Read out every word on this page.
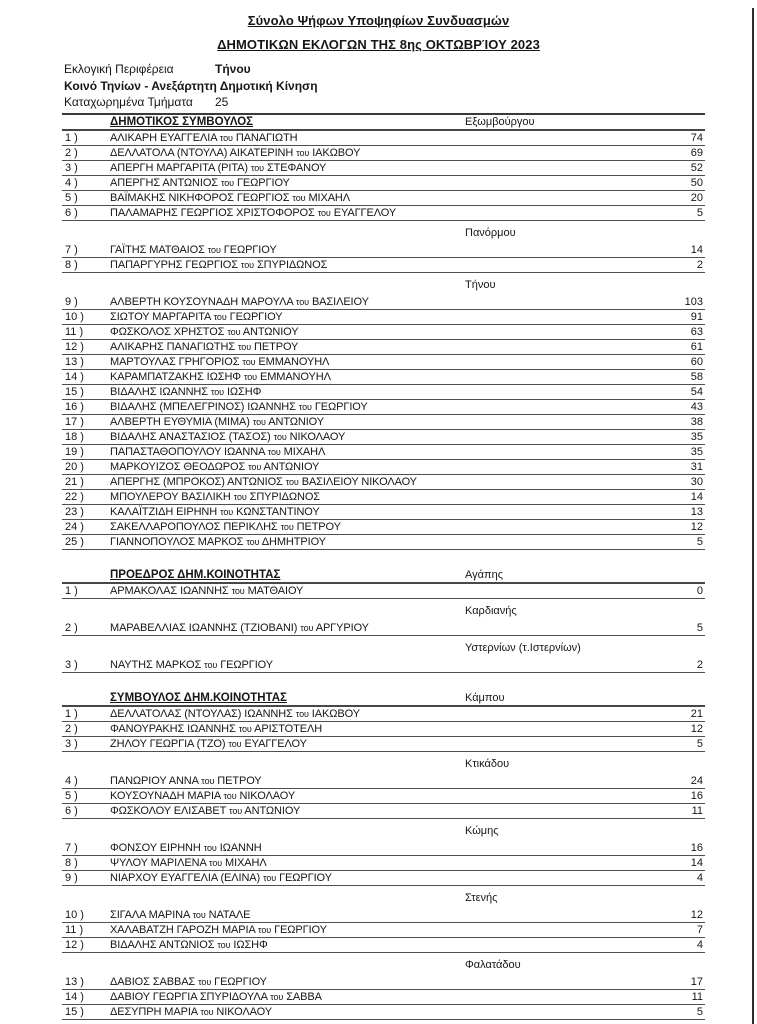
Σύνολο Ψήφων Υποψηφίων Συνδυασμών
ΔΗΜΟΤΙΚΩΝ ΕΚΛΟΓΩΝ ΤΗΣ 8ης ΟΚΤΩΒΡΊΟΥ 2023
Εκλογική Περιφέρεια	Τήνου
Κοινό Τηνίων - Ανεξάρτητη Δημοτική Κίνηση
Καταχωρημένα Τμήματα 25
ΔΗΜΟΤΙΚΟΣ ΣΥΜΒΟΥΛΟΣ	Εξωμβούργου
1 )	ΑΛΙΚΑΡΗ ΕΥΑΓΓΕΛΙΑ του ΠΑΝΑΓΙΩΤΗ	74
2 )	ΔΕΛΛΑΤΟΛΑ (ΝΤΟΥΛΑ) ΑΙΚΑΤΕΡΙΝΗ του ΙΑΚΩΒΟΥ	69
3 )	ΑΠΕΡΓΗ ΜΑΡΓΑΡΙΤΑ (ΡΙΤΑ) του ΣΤΕΦΑΝΟΥ	52
4 )	ΑΠΕΡΓΗΣ ΑΝΤΩΝΙΟΣ του ΓΕΩΡΓΙΟΥ	50
5 )	ΒΑΪΜΑΚΗΣ ΝΙΚΗΦΟΡΟΣ ΓΕΩΡΓΙΟΣ του ΜΙΧΑΗΛ	20
6 )	ΠΑΛΑΜΑΡΗΣ ΓΕΩΡΓΙΟΣ ΧΡΙΣΤΟΦΟΡΟΣ του ΕΥΑΓΓΕΛΟΥ	5
Πανόρμου
7 )	ΓΑΪΤΗΣ ΜΑΤΘΑΙΟΣ του ΓΕΩΡΓΙΟΥ	14
8 )	ΠΑΠΑΡΓΥΡΗΣ ΓΕΩΡΓΙΟΣ του ΣΠΥΡΙΔΩΝΟΣ	2
Τήνου
9 )	ΑΛΒΕΡΤΗ ΚΟΥΣΟΥΝΑΔΗ ΜΑΡΟΥΛΑ του ΒΑΣΙΛΕΙΟΥ	103
10 ) ΣΙΩΤΟΥ ΜΑΡΓΑΡΙΤΑ του ΓΕΩΡΓΙΟΥ	91
11 ) ΦΩΣΚΟΛΟΣ ΧΡΗΣΤΟΣ του ΑΝΤΩΝΙΟΥ	63
12 ) ΑΛΙΚΑΡΗΣ ΠΑΝΑΓΙΩΤΗΣ του ΠΕΤΡΟΥ	61
13 ) ΜΑΡΤΟΥΛΑΣ ΓΡΗΓΟΡΙΟΣ του ΕΜΜΑΝΟΥΗΛ	60
14 ) ΚΑΡΑΜΠΑΤΖΑΚΗΣ ΙΩΣΗΦ του ΕΜΜΑΝΟΥΗΛ	58
15 ) ΒΙΔΑΛΗΣ ΙΩΑΝΝΗΣ του ΙΩΣΗΦ	54
16 ) ΒΙΔΑΛΗΣ (ΜΠΕΛΕΓΡΙΝΟΣ) ΙΩΑΝΝΗΣ του ΓΕΩΡΓΙΟΥ	43
17 ) ΑΛΒΕΡΤΗ ΕΥΘΥΜΙΑ (ΜΙΜΑ) του ΑΝΤΩΝΙΟΥ	38
18 ) ΒΙΔΑΛΗΣ ΑΝΑΣΤΑΣΙΟΣ (ΤΑΣΟΣ) του ΝΙΚΟΛΑΟΥ	35
19 ) ΠΑΠΑΣΤΑΘΟΠΟΥΛΟΥ ΙΩΑΝΝΑ του ΜΙΧΑΗΛ	35
20 ) ΜΑΡΚΟΥΙΖΟΣ ΘΕΟΔΩΡΟΣ του ΑΝΤΩΝΙΟΥ	31
21 ) ΑΠΕΡΓΗΣ (ΜΠΡΟΚΟΣ) ΑΝΤΩΝΙΟΣ του ΒΑΣΙΛΕΙΟΥ ΝΙΚΟΛΑΟΥ	30
22 ) ΜΠΟΥΛΕΡΟΥ ΒΑΣΙΛΙΚΗ του ΣΠΥΡΙΔΩΝΟΣ	14
23 ) ΚΑΛΑΪΤΖΙΔΗ ΕΙΡΗΝΗ του ΚΩΝΣΤΑΝΤΙΝΟΥ	13
24 ) ΣΑΚΕΛΛΑΡΟΠΟΥΛΟΣ ΠΕΡΙΚΛΗΣ του ΠΕΤΡΟΥ	12
25 ) ΓΙΑΝΝΟΠΟΥΛΟΣ ΜΑΡΚΟΣ του ΔΗΜΗΤΡΙΟΥ	5
ΠΡΟΕΔΡΟΣ ΔΗΜ.ΚΟΙΝΟΤΗΤΑΣ	Αγάπης
1 )	ΑΡΜΑΚΟΛΑΣ ΙΩΑΝΝΗΣ του ΜΑΤΘΑΙΟΥ	0
Καρδιανής
2 )	ΜΑΡΑΒΕΛΛΙΑΣ ΙΩΑΝΝΗΣ (ΤΖΙΟΒΑΝΙ) του ΑΡΓΥΡΙΟΥ	5
Υστερνίων (τ.Ιστερνίων)
3 )	ΝΑΥΤΗΣ ΜΑΡΚΟΣ του ΓΕΩΡΓΙΟΥ	2
ΣΥΜΒΟΥΛΟΣ ΔΗΜ.ΚΟΙΝΟΤΗΤΑΣ	Κάμπου
1 )	ΔΕΛΛΑΤΟΛΑΣ (ΝΤΟΥΛΑΣ) ΙΩΑΝΝΗΣ του ΙΑΚΩΒΟΥ	21
2 )	ΦΑΝΟΥΡΑΚΗΣ ΙΩΑΝΝΗΣ του ΑΡΙΣΤΟΤΕΛΗ	12
3 )	ΖΗΛΟΥ ΓΕΩΡΓΙΑ (ΤΖΟ) του ΕΥΑΓΓΕΛΟΥ	5
Κτικάδου
4 )	ΠΑΝΩΡΙΟΥ ΑΝΝΑ του ΠΕΤΡΟΥ	24
5 )	ΚΟΥΣΟΥΝΑΔΗ ΜΑΡΙΑ του ΝΙΚΟΛΑΟΥ	16
6 )	ΦΩΣΚΟΛΟΥ ΕΛΙΣΑΒΕΤ του ΑΝΤΩΝΙΟΥ	11
Κώμης
7 )	ΦΟΝΣΟΥ ΕΙΡΗΝΗ του ΙΩΑΝΝΗ	16
8 )	ΨΥΛΟΥ ΜΑΡΙΛΕΝΑ του ΜΙΧΑΗΛ	14
9 )	ΝΙΑΡΧΟΥ ΕΥΑΓΓΕΛΙΑ (ΕΛΙΝΑ) του ΓΕΩΡΓΙΟΥ	4
Στενής
10 ) ΣΙΓΑΛΑ ΜΑΡΙΝΑ του ΝΑΤΑΛΕ	12
11 ) ΧΑΛΑΒΑΤΖΗ ΓΑΡΟΖΗ ΜΑΡΙΑ του ΓΕΩΡΓΙΟΥ	7
12 ) ΒΙΔΑΛΗΣ ΑΝΤΩΝΙΟΣ του ΙΩΣΗΦ	4
Φαλατάδου
13 ) ΔΑΒΙΟΣ ΣΑΒΒΑΣ του ΓΕΩΡΓΙΟΥ	17
14 ) ΔΑΒΙΟΥ ΓΕΩΡΓΙΑ ΣΠΥΡΙΔΟΥΛΑ του ΣΑΒΒΑ	11
15 ) ΔΕΣΥΠΡΗ ΜΑΡΙΑ του ΝΙΚΟΛΑΟΥ	5
